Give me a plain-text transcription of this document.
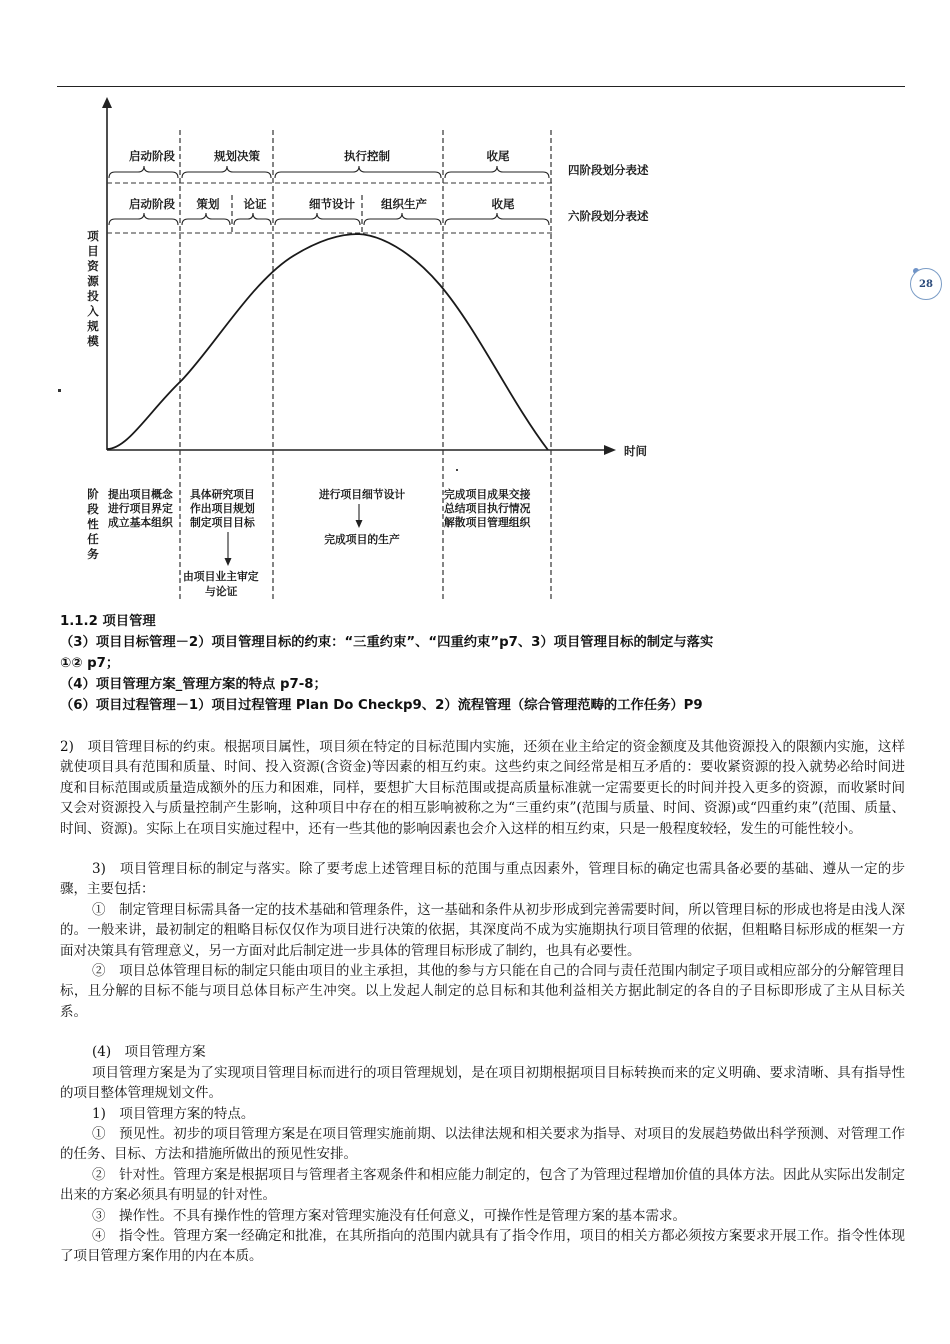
28
启动阶段	规划决策	执行控制	收尾
四阶段划分表述
启动阶段 策划 论证	细节设计 组织生产	收尾
六阶段划分表述
项
目
资
源
投
入
规
模
时间
阶
段
性
任
务
提出项目概念
进行项目界定
成立基本组织
具体研究项目
作出项目规划
制定项目目标
由项目业主审定
与论证
进行项目细节设计
完成项目的生产
完成项目成果交接
总结项目执行情况
解散项目管理组织
1.1.2 项目管理
（3）项目目标管理－2）项目管理目标的约束：“三重约束”、“四重约束”p7、3）项目管理目标的制定与落实
①② p7；
（4）项目管理方案_管理方案的特点 p7-8；
（6）项目过程管理－1）项目过程管理 Plan Do Checkp9、2）流程管理（综合管理范畴的工作任务）P9

2)　项目管理目标的约束。根据项目属性，项目须在特定的目标范围内实施，还须在业主给定的资金额度及其他资源投入的限额内实施，这样就使项目具有范围和质量、时间、投入资源(含资金)等因素的相互约束。这些约束之间经常是相互矛盾的：要收紧资源的投入就势必给时间进度和目标范围或质量造成额外的压力和困难，同样，要想扩大目标范围或提高质量标准就一定需要更长的时间并投入更多的资源，而收紧时间又会对资源投入与质量控制产生影响，这种项目中存在的相互影响被称之为“三重约束”(范围与质量、时间、资源)或“四重约束”(范围、质量、时间、资源)。实际上在项目实施过程中，还有一些其他的影响因素也会介入这样的相互约束，只是一般程度较轻，发生的可能性较小。

3)　项目管理目标的制定与落实。除了要考虑上述管理目标的范围与重点因素外，管理目标的确定也需具备必要的基础、遵从一定的步骤，主要包括：

①　制定管理目标需具备一定的技术基础和管理条件，这一基础和条件从初步形成到完善需要时间，所以管理目标的形成也将是由浅人深的。一般来讲，最初制定的粗略目标仅仅作为项目进行决策的依据，其深度尚不成为实施期执行项目管理的依据，但粗略目标形成的框架一方面对决策具有管理意义，另一方面对此后制定进一步具体的管理目标形成了制约，也具有必要性。

②　项目总体管理目标的制定只能由项目的业主承担，其他的参与方只能在自己的合同与责任范围内制定子项目或相应部分的分解管理目标，且分解的目标不能与项目总体目标产生冲突。以上发起人制定的总目标和其他利益相关方据此制定的各自的子目标即形成了主从目标关系。

(4)　项目管理方案

项目管理方案是为了实现项目管理目标而进行的项目管理规划，是在项目初期根据项目目标转换而来的定义明确、要求清晰、具有指导性的项目整体管理规划文件。

1)　项目管理方案的特点。

①　预见性。初步的项目管理方案是在项目管理实施前期、以法律法规和相关要求为指导、对项目的发展趋势做出科学预测、对管理工作的任务、目标、方法和措施所做出的预见性安排。

②　针对性。管理方案是根据项目与管理者主客观条件和相应能力制定的，包含了为管理过程增加价值的具体方法。因此从实际出发制定出来的方案必须具有明显的针对性。

③　操作性。不具有操作性的管理方案对管理实施没有任何意义，可操作性是管理方案的基本需求。

④　指令性。管理方案一经确定和批准，在其所指向的范围内就具有了指令作用，项目的相关方都必须按方案要求开展工作。指令性体现了项目管理方案作用的内在本质。
